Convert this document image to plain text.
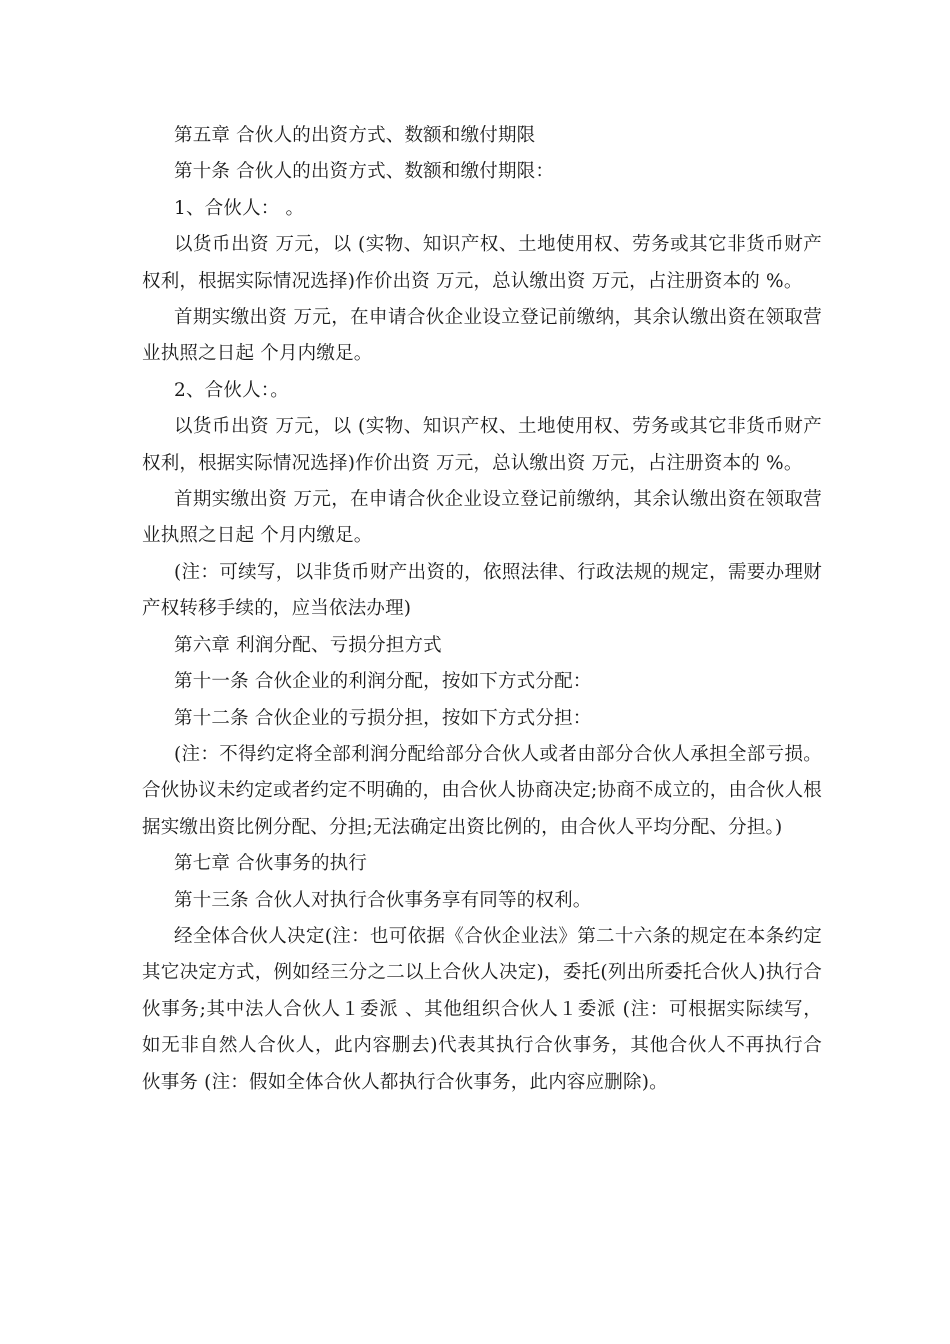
第五章 合伙人的出资方式、数额和缴付期限

第十条 合伙人的出资方式、数额和缴付期限：

1、合伙人： 。

以货币出资 万元，以 (实物、知识产权、土地使用权、劳务或其它非货币财产权利，根据实际情况选择)作价出资 万元，总认缴出资 万元，占注册资本的 %。

首期实缴出资 万元，在申请合伙企业设立登记前缴纳，其余认缴出资在领取营业执照之日起 个月内缴足。

2、合伙人：。

以货币出资 万元，以 (实物、知识产权、土地使用权、劳务或其它非货币财产权利，根据实际情况选择)作价出资 万元，总认缴出资 万元，占注册资本的 %。

首期实缴出资 万元，在申请合伙企业设立登记前缴纳，其余认缴出资在领取营业执照之日起 个月内缴足。

(注：可续写，以非货币财产出资的，依照法律、行政法规的规定，需要办理财产权转移手续的，应当依法办理)

第六章 利润分配、亏损分担方式

第十一条 合伙企业的利润分配，按如下方式分配：

第十二条 合伙企业的亏损分担，按如下方式分担：

(注：不得约定将全部利润分配给部分合伙人或者由部分合伙人承担全部亏损。合伙协议未约定或者约定不明确的，由合伙人协商决定;协商不成立的，由合伙人根据实缴出资比例分配、分担;无法确定出资比例的，由合伙人平均分配、分担。)

第七章 合伙事务的执行

第十三条 合伙人对执行合伙事务享有同等的权利。

经全体合伙人决定(注：也可依据《合伙企业法》第二十六条的规定在本条约定其它决定方式，例如经三分之二以上合伙人决定)，委托(列出所委托合伙人)执行合伙事务;其中法人合伙人１委派 、其他组织合伙人１委派 (注：可根据实际续写，如无非自然人合伙人，此内容删去)代表其执行合伙事务，其他合伙人不再执行合伙事务 (注：假如全体合伙人都执行合伙事务，此内容应删除)。
